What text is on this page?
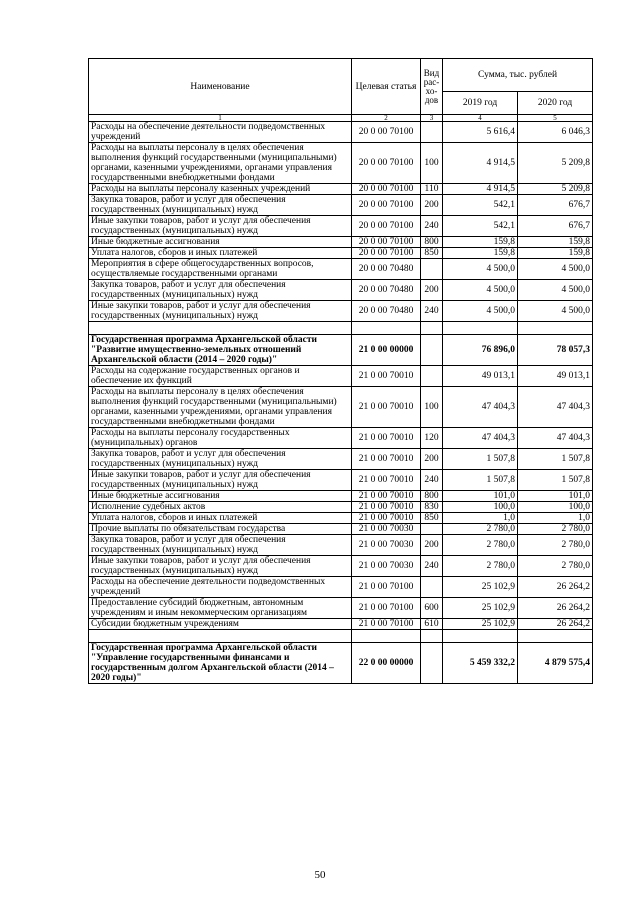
Наименование	Целевая статья	Вид рас-хо-дов	Сумма, тыс. рублей	
			2019 год	2020 год
1	2	3	4	5
Расходы на обеспечение деятельности подведомственных учреждений	20 0 00 70100		5 616,4	6 046,3
Расходы на выплаты персоналу в целях обеспечения выполнения функций государственными (муниципальными) органами, казенными учреждениями, органами управления государственными внебюджетными фондами	20 0 00 70100	100	4 914,5	5 209,8
Расходы на выплаты персоналу казенных учреждений	20 0 00 70100	110	4 914,5	5 209,8
Закупка товаров, работ и услуг для обеспечения государственных (муниципальных) нужд	20 0 00 70100	200	542,1	676,7
Иные закупки товаров, работ и услуг для обеспечения государственных (муниципальных) нужд	20 0 00 70100	240	542,1	676,7
Иные бюджетные ассигнования	20 0 00 70100	800	159,8	159,8
Уплата налогов, сборов и иных платежей	20 0 00 70100	850	159,8	159,8
Мероприятия в сфере общегосударственных вопросов, осуществляемые государственными органами	20 0 00 70480		4 500,0	4 500,0
Закупка товаров, работ и услуг для обеспечения государственных (муниципальных) нужд	20 0 00 70480	200	4 500,0	4 500,0
Иные закупки товаров, работ и услуг для обеспечения государственных (муниципальных) нужд	20 0 00 70480	240	4 500,0	4 500,0

Государственная программа Архангельской области "Развитие имущественно-земельных отношений Архангельской области (2014 – 2020 годы)"	21 0 00 00000		76 896,0	78 057,3
Расходы на содержание государственных органов и обеспечение их функций	21 0 00 70010		49 013,1	49 013,1
Расходы на выплаты персоналу в целях обеспечения выполнения функций государственными (муниципальными) органами, казенными учреждениями, органами управления государственными внебюджетными фондами	21 0 00 70010	100	47 404,3	47 404,3
Расходы на выплаты персоналу государственных (муниципальных) органов	21 0 00 70010	120	47 404,3	47 404,3
Закупка товаров, работ и услуг для обеспечения государственных (муниципальных) нужд	21 0 00 70010	200	1 507,8	1 507,8
Иные закупки товаров, работ и услуг для обеспечения государственных (муниципальных) нужд	21 0 00 70010	240	1 507,8	1 507,8
Иные бюджетные ассигнования	21 0 00 70010	800	101,0	101,0
Исполнение судебных актов	21 0 00 70010	830	100,0	100,0
Уплата налогов, сборов и иных платежей	21 0 00 70010	850	1,0	1,0
Прочие выплаты по обязательствам государства	21 0 00 70030		2 780,0	2 780,0
Закупка товаров, работ и услуг для обеспечения государственных (муниципальных) нужд	21 0 00 70030	200	2 780,0	2 780,0
Иные закупки товаров, работ и услуг для обеспечения государственных (муниципальных) нужд	21 0 00 70030	240	2 780,0	2 780,0
Расходы на обеспечение деятельности подведомственных учреждений	21 0 00 70100		25 102,9	26 264,2
Предоставление субсидий бюджетным, автономным учреждениям и иным некоммерческим организациям	21 0 00 70100	600	25 102,9	26 264,2
Субсидии бюджетным учреждениям	21 0 00 70100	610	25 102,9	26 264,2

Государственная программа Архангельской области "Управление государственными финансами и государственным долгом Архангельской области (2014 – 2020 годы)"	22 0 00 00000		5 459 332,2	4 879 575,4
50
